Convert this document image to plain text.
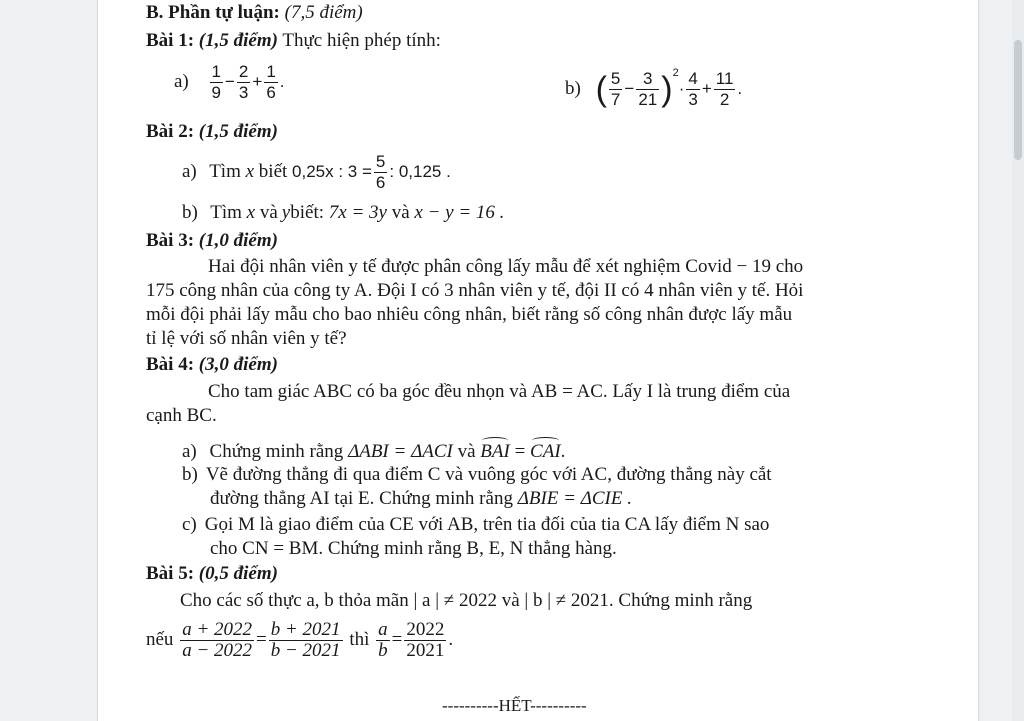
B. Phần tự luận: (7,5 điểm)
Bài 1: (1,5 điểm) Thực hiện phép tính:
$a) \frac{1}{9} - \frac{2}{3} + \frac{1}{6}$ .	b) ( $\frac{5}{7} - \frac{3}{21} )^2\cdot \frac{4}{3} + \frac{11}{2}$ .
Bài 2: (1,5 điểm)
a) Tìm x biết 0,25x : $3 = \frac{5}{6}$ : 0,125 .
b) Tìm x và ybiết: 7x = 3y và x − y = 16 .
Bài 3: (1,0 điểm)
Hai đội nhân viên y tế được phân công lấy mẫu để xét nghiệm Covid − 19 cho
175 công nhân của công ty A. Đội I có 3 nhân viên y tế, đội II có 4 nhân viên y tế. Hỏi
mỗi đội phải lấy mẫu cho bao nhiêu công nhân, biết rằng số công nhân được lấy mẫu
tỉ lệ với số nhân viên y tế?
Bài 4: (3,0 điểm)
Cho tam giác ABC có ba góc đều nhọn và AB = AC. Lấy I là trung điểm của
cạnh BC.
a) Chứng minh rằng ΔABI = ΔACI và BAI = CAI.
b) Vẽ đường thẳng đi qua điểm C và vuông góc với AC, đường thẳng này cắt
đường thẳng AI tại E. Chứng minh rằng ΔBIE = ΔCIE .
c) Gọi M là giao điểm của CE với AB, trên tia đối của tia CA lấy điểm N sao
cho CN = BM. Chứng minh rằng B, E, N thẳng hàng.
Bài 5: (0,5 điểm)
Cho các số thực a, b thỏa mãn | a | ≠ 2022 và | b | ≠ 2021. Chứng minh rằng
nếu $\frac{a + 2022}{a - 2022} = \frac{b + 2021}{b - 2021}$ thì $\frac{a}{b} = \frac{2022}{2021}$ .
----------HẾT----------
